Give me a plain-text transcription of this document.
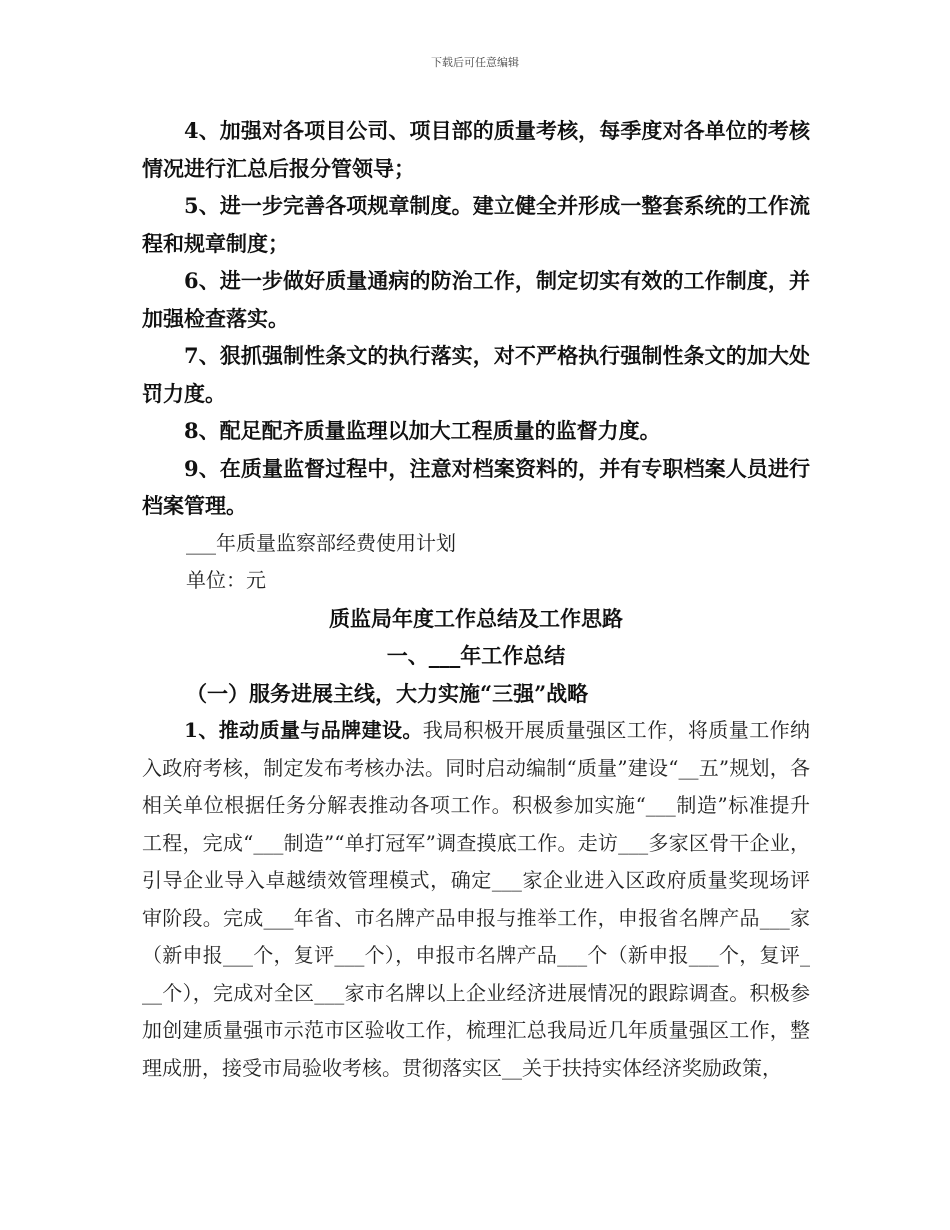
下载后可任意编辑

4、加强对各项目公司、项目部的质量考核，每季度对各单位的考核情况进行汇总后报分管领导；

5、进一步完善各项规章制度。建立健全并形成一整套系统的工作流程和规章制度；

6、进一步做好质量通病的防治工作，制定切实有效的工作制度，并加强检查落实。

7、狠抓强制性条文的执行落实，对不严格执行强制性条文的加大处罚力度。

8、配足配齐质量监理以加大工程质量的监督力度。

9、在质量监督过程中，注意对档案资料的，并有专职档案人员进行档案管理。

___年质量监察部经费使用计划

单位：元

质监局年度工作总结及工作思路

一、___年工作总结

（一）服务进展主线，大力实施“三强”战略

1、推动质量与品牌建设。我局积极开展质量强区工作，将质量工作纳入政府考核，制定发布考核办法。同时启动编制“质量”建设“__五”规划，各相关单位根据任务分解表推动各项工作。积极参加实施“___制造”标准提升工程，完成“___制造”“单打冠军”调查摸底工作。走访___多家区骨干企业，引导企业导入卓越绩效管理模式，确定___家企业进入区政府质量奖现场评审阶段。完成___年省、市名牌产品申报与推举工作，申报省名牌产品___家（新申报___个，复评___个），申报市名牌产品___个（新申报___个，复评___个），完成对全区___家市名牌以上企业经济进展情况的跟踪调查。积极参加创建质量强市示范市区验收工作，梳理汇总我局近几年质量强区工作，整理成册，接受市局验收考核。贯彻落实区__关于扶持实体经济奖励政策，
